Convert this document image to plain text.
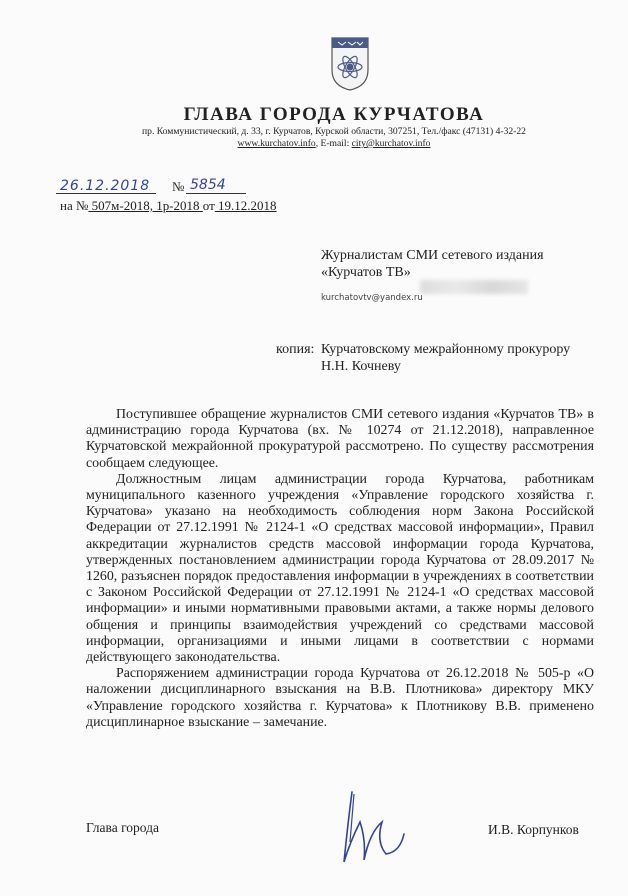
ГЛАВА ГОРОДА КУРЧАТОВА
пр. Коммунистический, д. 33, г. Курчатов, Курской области, 307251, Тел./факс (47131) 4-32-22
www.kurchatov.info, E-mail: city@kurchatov.info
26.12.2018 № 5854
на № 507м-2018, 1р-2018 от 19.12.2018
Журналистам СМИ сетевого издания
«Курчатов ТВ»
kurchatovtv@yandex.ru
копия: Курчатовскому межрайонному прокурору
Н.Н. Кочневу

Поступившее обращение журналистов СМИ сетевого издания «Курчатов ТВ» в администрацию города Курчатова (вх. № 10274 от 21.12.2018), направленное Курчатовской межрайонной прокуратурой рассмотрено. По существу рассмотрения сообщаем следующее.

Должностным лицам администрации города Курчатова, работникам муниципального казенного учреждения «Управление городского хозяйства г. Курчатова» указано на необходимость соблюдения норм Закона Российской Федерации от 27.12.1991 № 2124-1 «О средствах массовой информации», Правил аккредитации журналистов средств массовой информации города Курчатова, утвержденных постановлением администрации города Курчатова от 28.09.2017 № 1260, разъяснен порядок предоставления информации в учреждениях в соответствии с Законом Российской Федерации от 27.12.1991 № 2124-1 «О средствах массовой информации» и иными нормативными правовыми актами, а также нормы делового общения и принципы взаимодействия учреждений со средствами массовой информации, организациями и иными лицами в соответствии с нормами действующего законодательства.

Распоряжением администрации города Курчатова от 26.12.2018 № 505-р «О наложении дисциплинарного взыскания на В.В. Плотникова» директору МКУ «Управление городского хозяйства г. Курчатова» к Плотникову В.В. применено дисциплинарное взыскание – замечание.

Глава города	И.В. Корпунков
